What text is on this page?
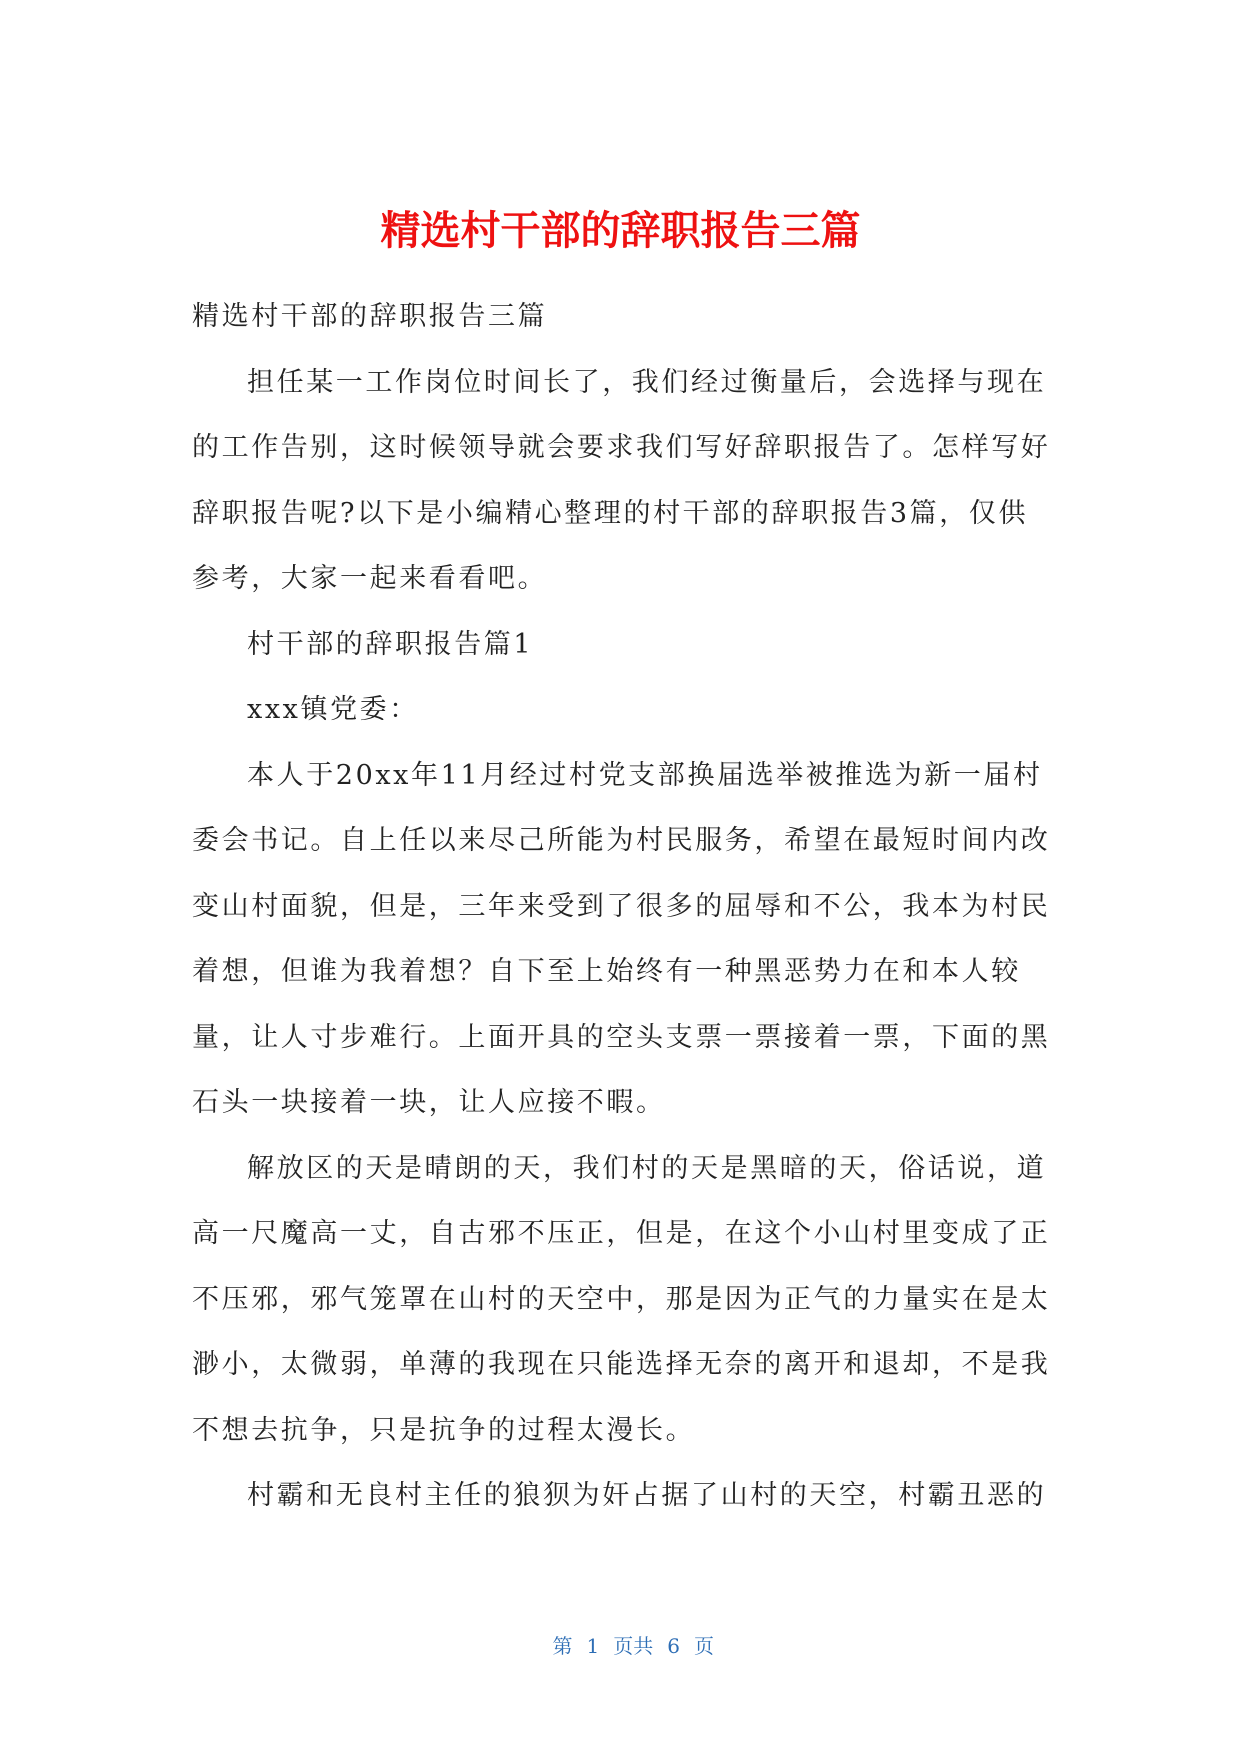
精选村干部的辞职报告三篇

精选村干部的辞职报告三篇

担任某一工作岗位时间长了，我们经过衡量后，会选择与现在的工作告别，这时候领导就会要求我们写好辞职报告了。怎样写好辞职报告呢?以下是小编精心整理的村干部的辞职报告3篇，仅供参考，大家一起来看看吧。

村干部的辞职报告篇1

xxx镇党委：

本人于20xx年11月经过村党支部换届选举被推选为新一届村委会书记。自上任以来尽己所能为村民服务，希望在最短时间内改变山村面貌，但是，三年来受到了很多的屈辱和不公，我本为村民着想，但谁为我着想？自下至上始终有一种黑恶势力在和本人较量，让人寸步难行。上面开具的空头支票一票接着一票，下面的黑石头一块接着一块，让人应接不暇。

解放区的天是晴朗的天，我们村的天是黑暗的天，俗话说，道高一尺魔高一丈，自古邪不压正，但是，在这个小山村里变成了正不压邪，邪气笼罩在山村的天空中，那是因为正气的力量实在是太渺小，太微弱，单薄的我现在只能选择无奈的离开和退却，不是我不想去抗争，只是抗争的过程太漫长。

村霸和无良村主任的狼狈为奸占据了山村的天空，村霸丑恶的

第 1 页共 6 页
